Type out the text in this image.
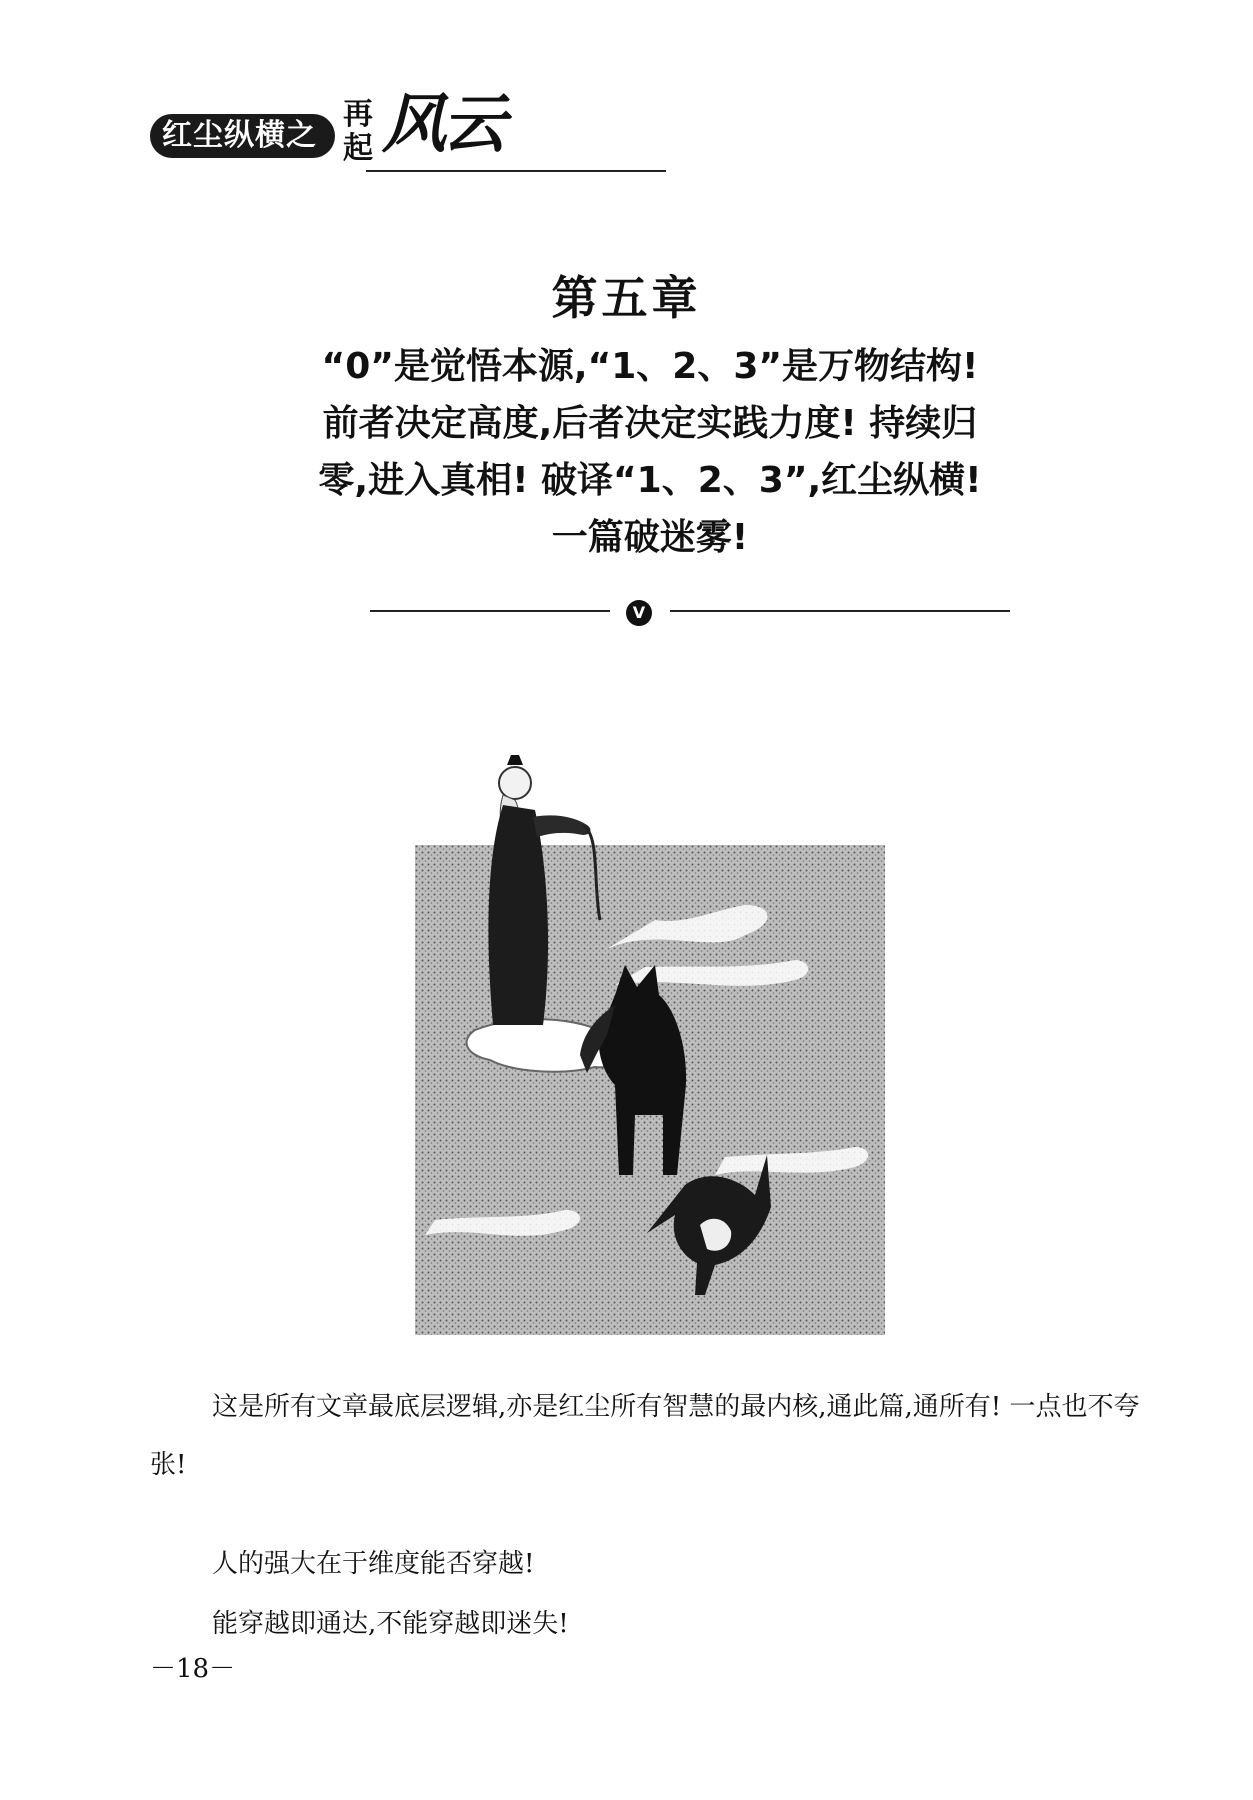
红尘纵横之
再起 风云
第五章
“0”是觉悟本源,“1、2、3”是万物结构!
前者决定高度,后者决定实践力度! 持续归
零,进入真相! 破译“1、2、3”,红尘纵横!
一篇破迷雾!
V
这是所有文章最底层逻辑,亦是红尘所有智慧的最内核,通此篇,通所有! 一点也不夸张!
人的强大在于维度能否穿越!
能穿越即通达,不能穿越即迷失!
－18－
